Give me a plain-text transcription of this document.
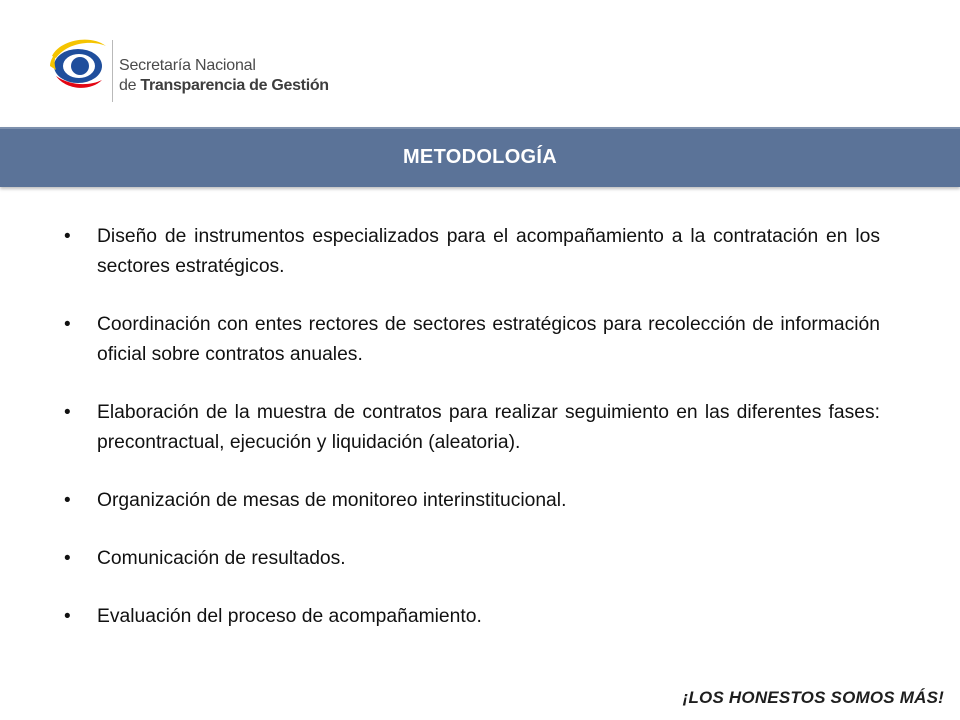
Secretaría Nacional
de Transparencia de Gestión
METODOLOGÍA
• Diseño de instrumentos especializados para el acompañamiento a la contratación en los sectores estratégicos.
• Coordinación con entes rectores de sectores estratégicos para recolección de información oficial sobre contratos anuales.
• Elaboración de la muestra de contratos para realizar seguimiento en las diferentes fases: precontractual, ejecución y liquidación (aleatoria).
• Organización de mesas de monitoreo interinstitucional.
• Comunicación de resultados.
• Evaluación del proceso de acompañamiento.
¡LOS HONESTOS SOMOS MÁS!
